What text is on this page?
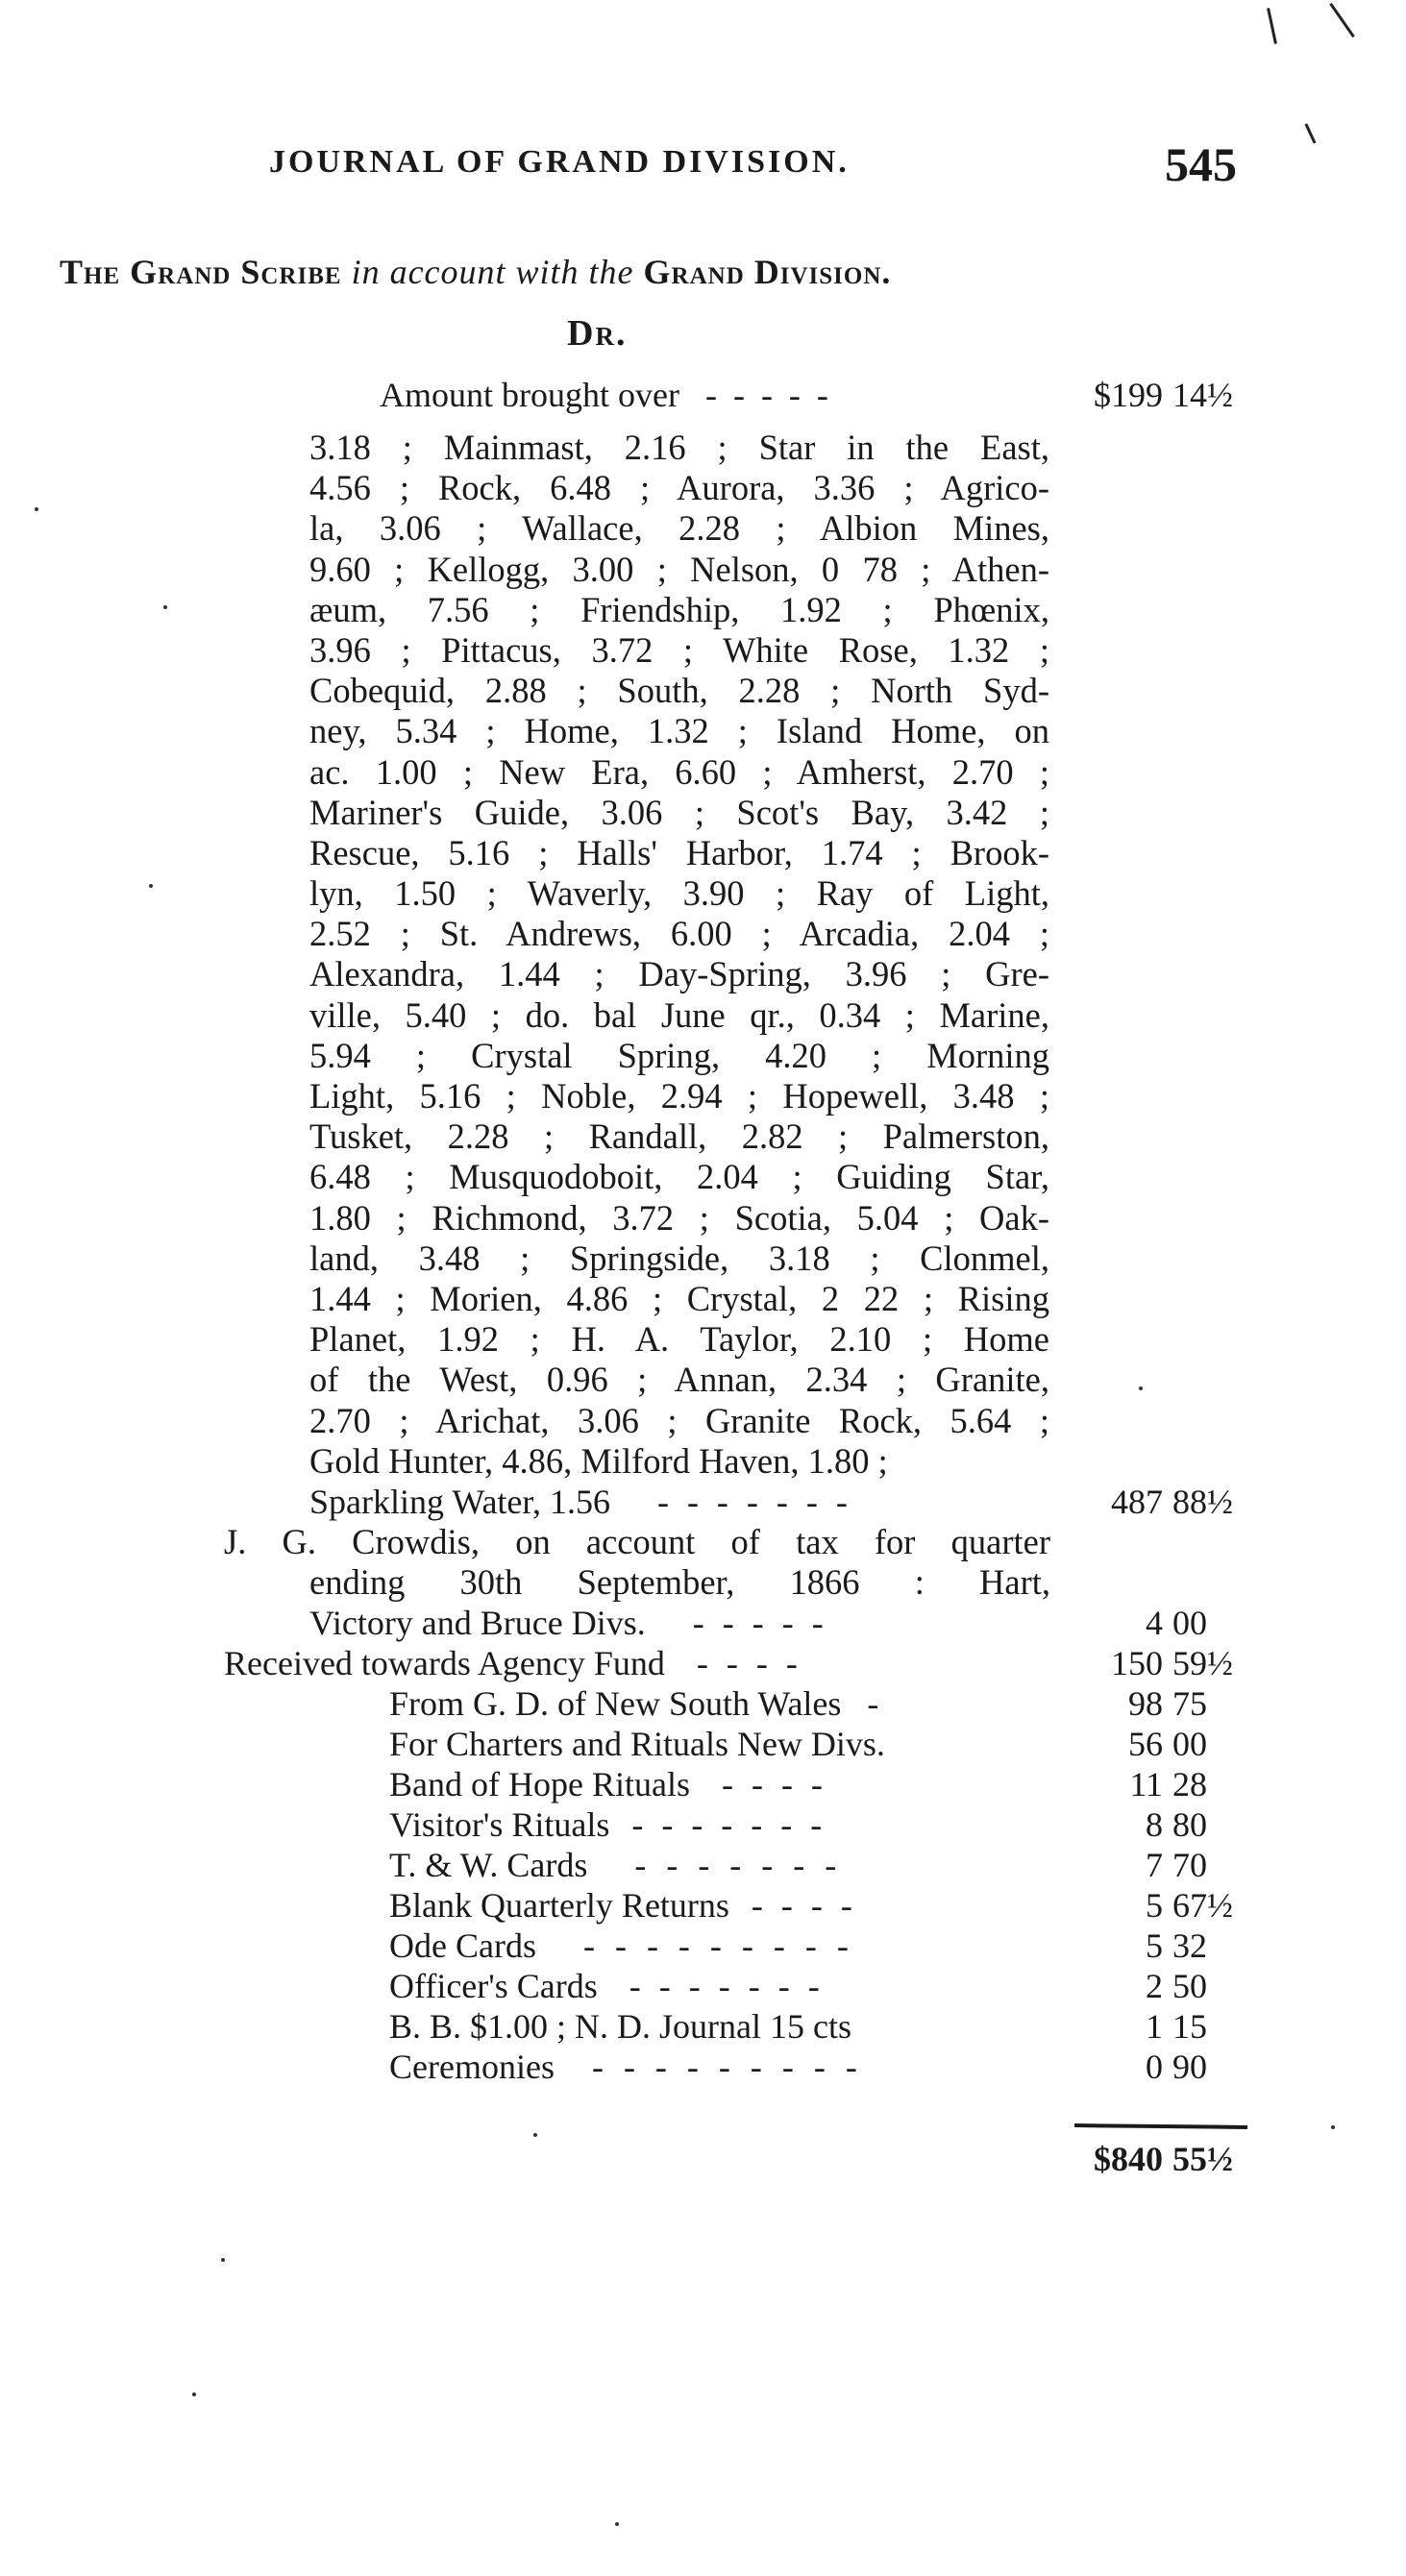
JOURNAL OF GRAND DIVISION.	545
The Grand Scribe in account with the Grand Division.
Dr.
Amount brought over - - - - -	$199 14½
3.18 ; Mainmast, 2.16 ; Star in the East,
4.56 ; Rock, 6.48 ; Aurora, 3.36 ; Agrico-
la, 3.06 ; Wallace, 2.28 ; Albion Mines,
9.60 ; Kellogg, 3.00 ; Nelson, 0 78 ; Athen-
æum, 7.56 ; Friendship, 1.92 ; Phœnix,
3.96 ; Pittacus, 3.72 ; White Rose, 1.32 ;
Cobequid, 2.88 ; South, 2.28 ; North Syd-
ney, 5.34 ; Home, 1.32 ; Island Home, on
ac. 1.00 ; New Era, 6.60 ; Amherst, 2.70 ;
Mariner's Guide, 3.06 ; Scot's Bay, 3.42 ;
Rescue, 5.16 ; Halls' Harbor, 1.74 ; Brook-
lyn, 1.50 ; Waverly, 3.90 ; Ray of Light,
2.52 ; St. Andrews, 6.00 ; Arcadia, 2.04 ;
Alexandra, 1.44 ; Day-Spring, 3.96 ; Gre-
ville, 5.40 ; do. bal June qr., 0.34 ; Marine,
5.94 ; Crystal Spring, 4.20 ; Morning
Light, 5.16 ; Noble, 2.94 ; Hopewell, 3.48 ;
Tusket, 2.28 ; Randall, 2.82 ; Palmerston,
6.48 ; Musquodoboit, 2.04 ; Guiding Star,
1.80 ; Richmond, 3.72 ; Scotia, 5.04 ; Oak-
land, 3.48 ; Springside, 3.18 ; Clonmel,
1.44 ; Morien, 4.86 ; Crystal, 2 22 ; Rising
Planet, 1.92 ; H. A. Taylor, 2.10 ; Home
of the West, 0.96 ; Annan, 2.34 ; Granite,
2.70 ; Arichat, 3.06 ; Granite Rock, 5.64 ;
Gold Hunter, 4.86, Milford Haven, 1.80 ;
Sparkling Water, 1.56 - - - - - - -	487 88½
J. G. Crowdis, on account of tax for quarter
ending 30th September, 1866 : Hart,
Victory and Bruce Divs. - - - - -	4 00
Received towards Agency Fund - - - -	150 59½
From G. D. of New South Wales -	98 75
For Charters and Rituals New Divs.	56 00
Band of Hope Rituals - - - -	11 28
Visitor's Rituals - - - - - - -	8 80
T. & W. Cards - - - - - - -	7 70
Blank Quarterly Returns - - - -	5 67½
Ode Cards - - - - - - - - -	5 32
Officer's Cards - - - - - - -	2 50
B. B. $1.00 ; N. D. Journal 15 cts	1 15
Ceremonies - - - - - - - - -	0 90
$840 55½
